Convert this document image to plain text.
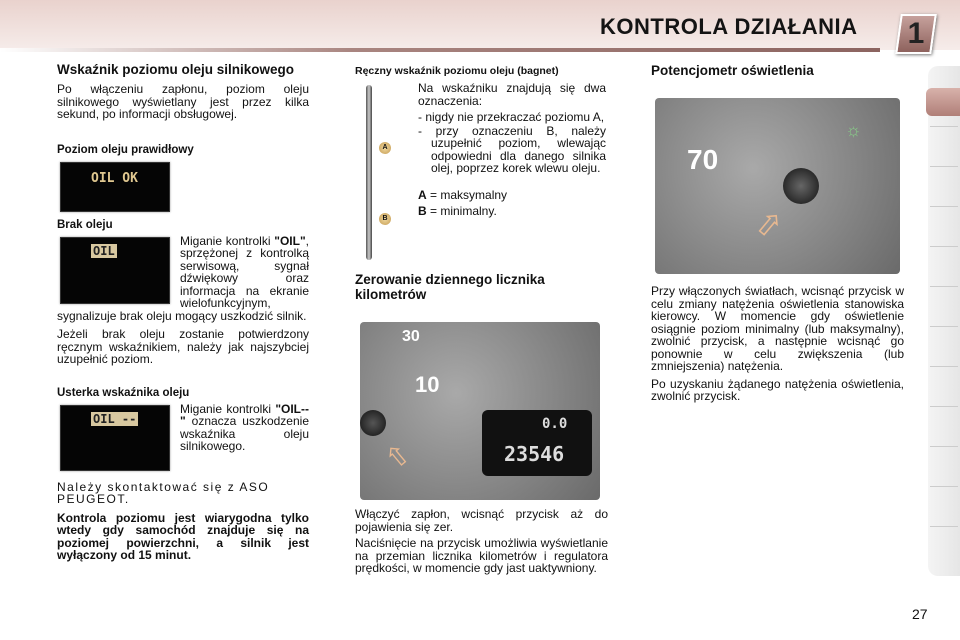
KONTROLA DZIAŁANIA 1
Wskaźnik poziomu oleju silnikowego

Po włączeniu zapłonu, poziom oleju silnikowego wyświetlany jest przez kilka sekund, po informacji obsługowej.

Poziom oleju prawidłowy
OIL OK
Brak oleju
OIL

Miganie kontrolki "OIL", sprzężonej z kontrolką serwisową, sygnał dźwiękowy oraz informacja na ekranie wielofunkcyjnym, sygnalizuje brak oleju mogący uszkodzić silnik.

Jeżeli brak oleju zostanie potwierdzony ręcznym wskaźnikiem, należy jak najszybciej uzupełnić poziom.

Usterka wskaźnika oleju
OIL --

Miganie kontrolki "OIL--" oznacza uszkodzenie wskaźnika oleju silnikowego.

Należy skontaktować się z ASO PEUGEOT.

Kontrola poziomu jest wiarygodna tylko wtedy gdy samochód znajduje się na poziomej powierzchni, a silnik jest wyłączony od 15 minut.

Ręczny wskaźnik poziomu oleju (bagnet)
A
B

Na wskaźniku znajdują się dwa oznaczenia:

- nigdy nie przekraczać poziomu A,

- przy oznaczeniu B, należy uzupełnić poziom, wlewając odpowiedni dla danego silnika olej, poprzez korek wlewu oleju.

A = maksymalny

B = minimalny.

Zerowanie dziennego licznika kilometrów
30
10
0.0
23546
⇧

Włączyć zapłon, wcisnąć przycisk aż do pojawienia się zer.

Naciśnięcie na przycisk umożliwia wyświetlanie na przemian licznika kilometrów i regulatora prędkości, w momencie gdy jast uaktywniony.

Potencjometr oświetlenia
70
☼
⇧

Przy włączonych światłach, wcisnąć przycisk w celu zmiany natężenia oświetlenia stanowiska kierowcy. W momencie gdy oświetlenie osiągnie poziom minimalny (lub maksymalny), zwolnić przycisk, a następnie wcisnąć go ponownie w celu zwiększenia (lub zmniejszenia) natężenia.

Po uzyskaniu żądanego natężenia oświetlenia, zwolnić przycisk.

27
